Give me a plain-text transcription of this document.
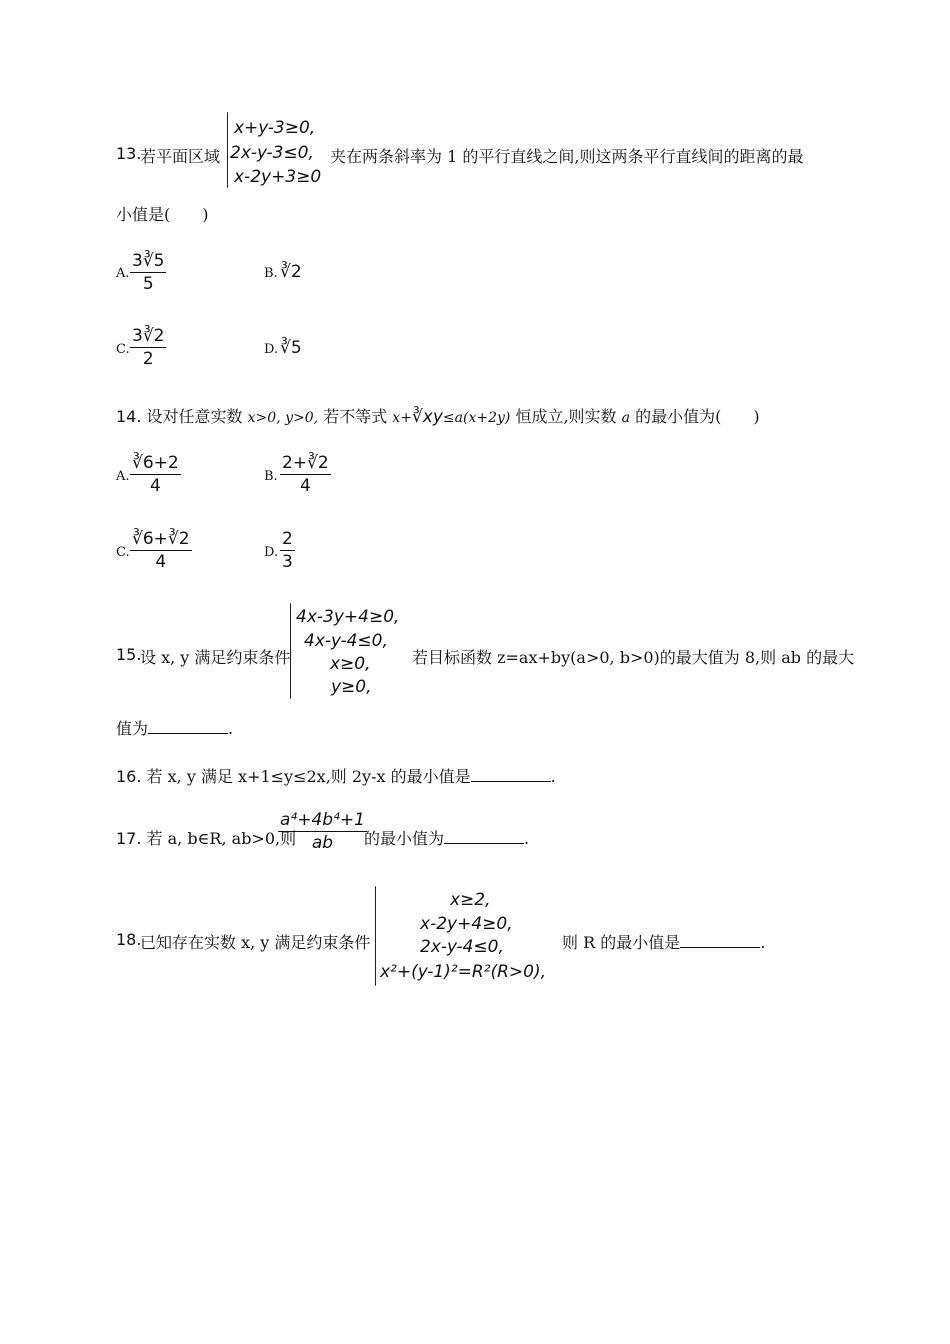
13.
若平面区域
x+y-3≥0,
2x-y-3≤0,
x-2y+3≥0
夹在两条斜率为 1 的平行直线之间,则这两条平行直线间的距离的最
小值是(　　)
A. $\frac{3∛5}{5}$	B. ∛2
C. $\frac{3∛2}{2}$	D. ∛5
14. 设对任意实数 x>0, y>0, 若不等式 x+∛xy≤a(x+2y) 恒成立,则实数 a 的最小值为(　　)
A. $\frac{∛6+2}{4}$	B. $\frac{2+∛2}{4}$
C. $\frac{∛6+∛2}{4}$	D. $\frac{2}{3}$
15.
设 x, y 满足约束条件
4x-3y+4≥0,
4x-y-4≤0,
x≥0,
y≥0,
若目标函数 z=ax+by(a>0, b>0)的最大值为 8,则 ab 的最大
值为	.
16. 若 x, y 满足 x+1≤y≤2x,则 2y-x 的最小值是	.
17. 若 a, b∈R, ab>0,则
$\frac{\text{a⁴+4b⁴+1}}{ab}$
的最小值为	.
18.
已知存在实数 x, y 满足约束条件
x≥2,
x-2y+4≥0,
2x-y-4≤0,
x²+(y-1)²=R²(R>0),
则 R 的最小值是	.
